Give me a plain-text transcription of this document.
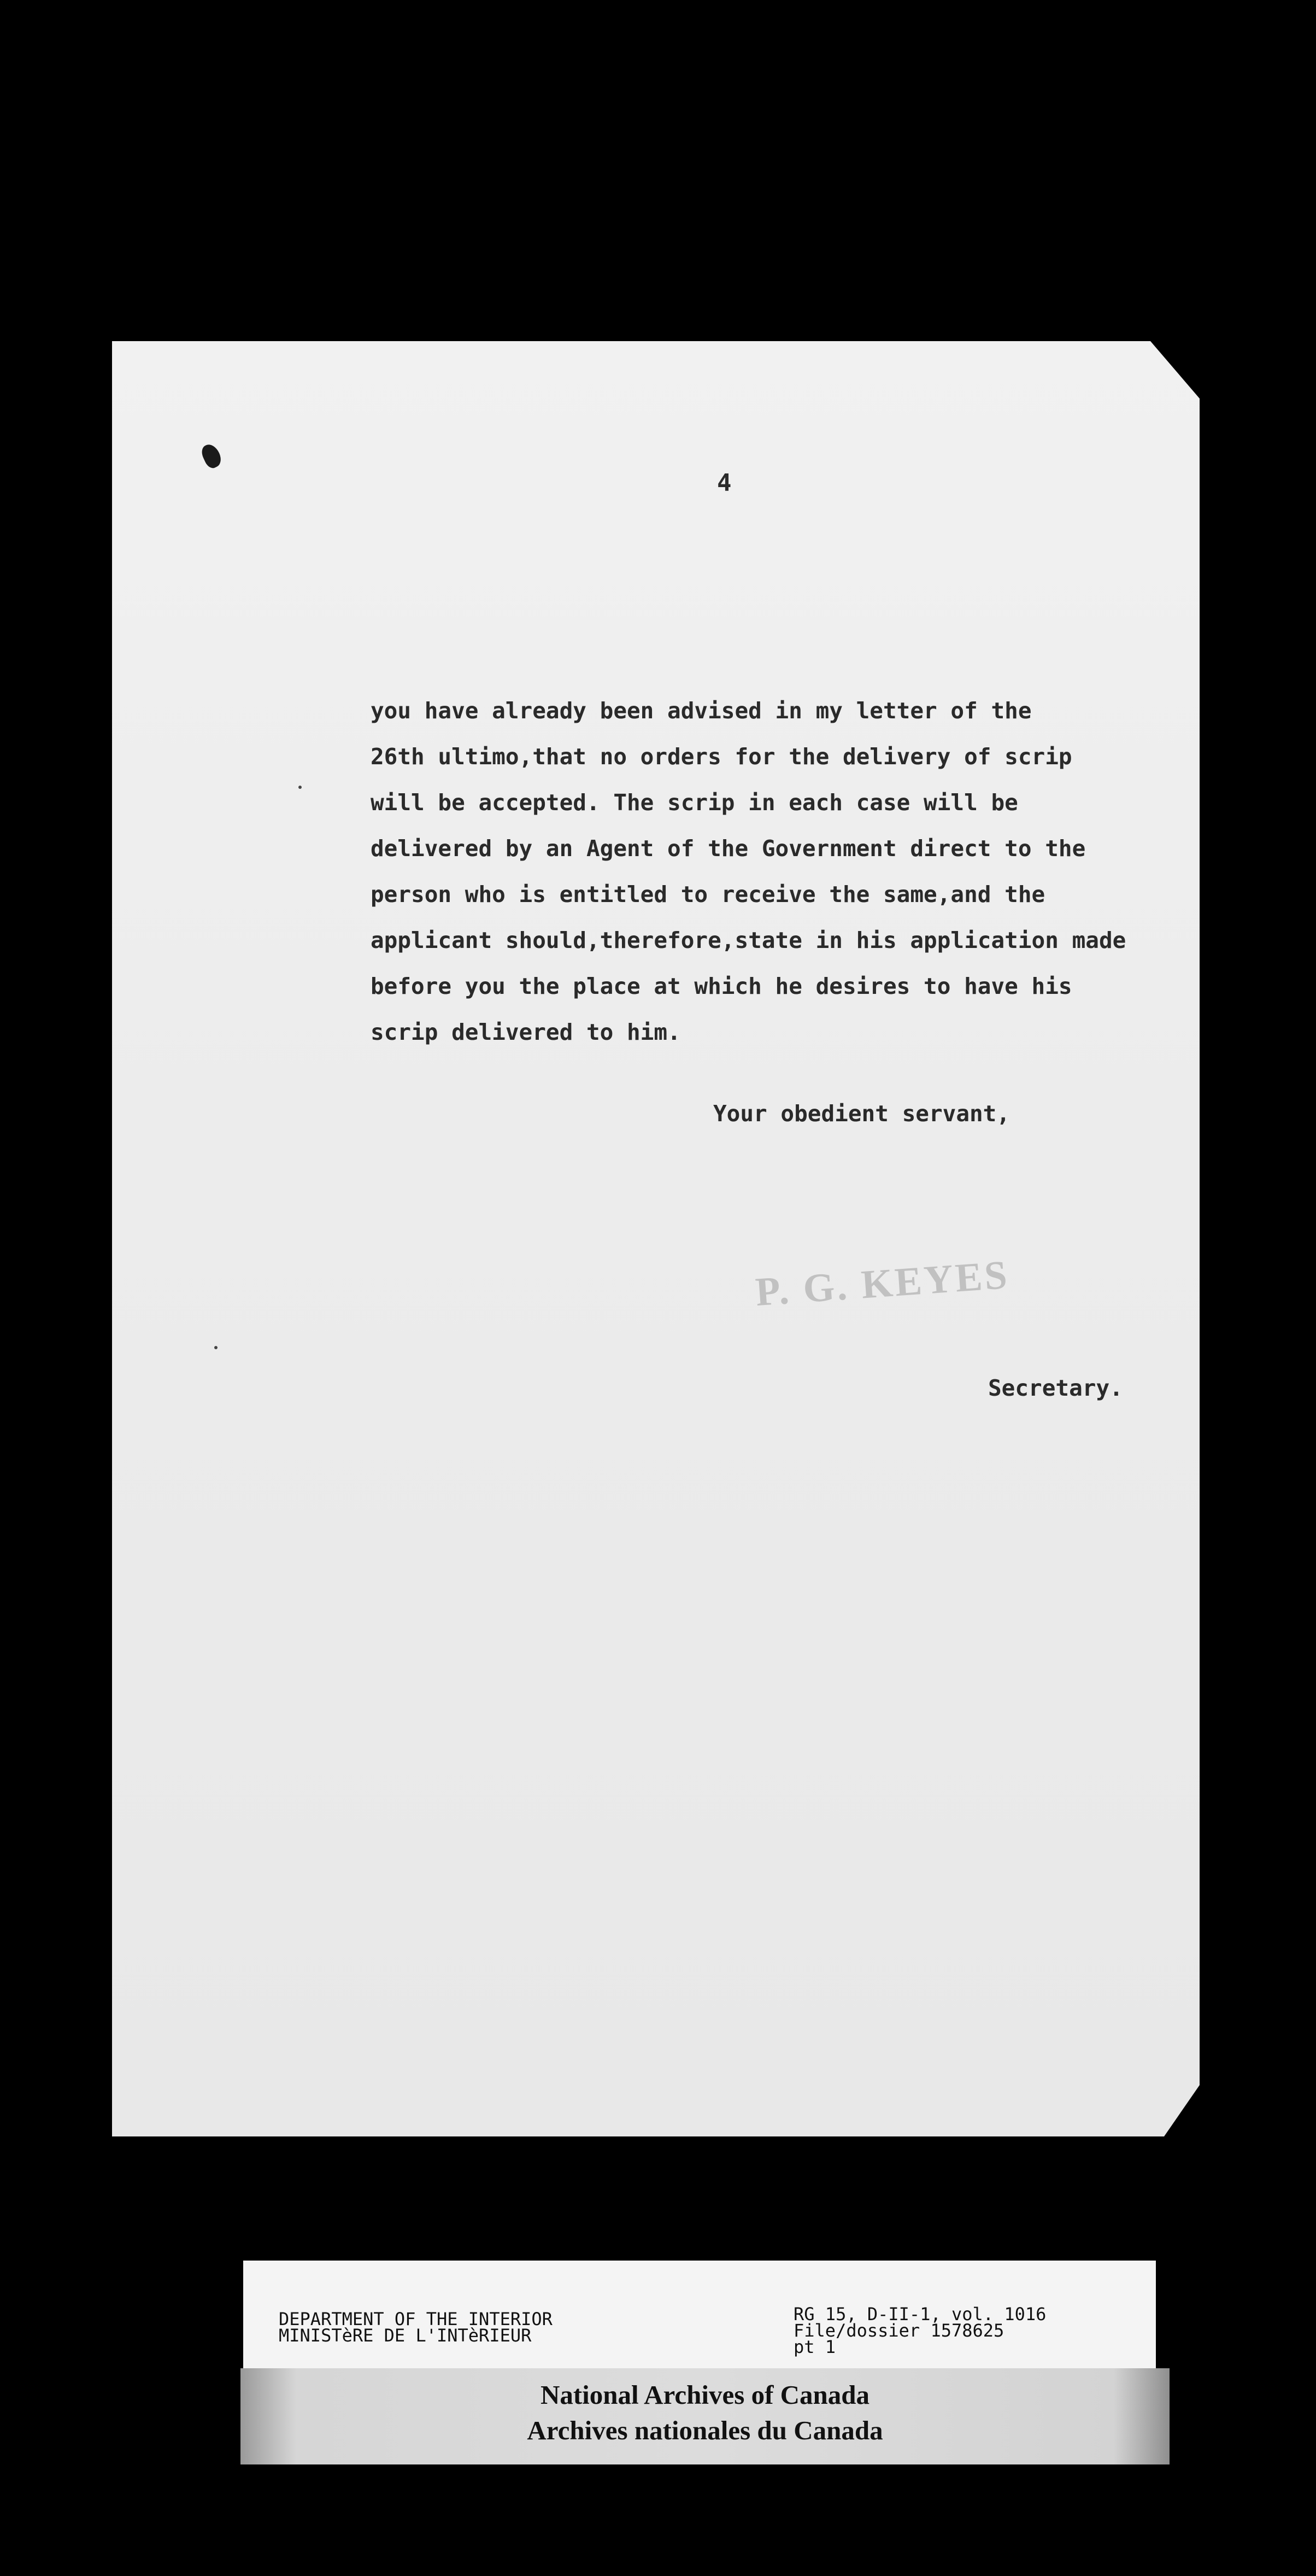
4
you have already been advised in my letter of the
26th ultimo,that no orders for the delivery of scrip
will be accepted. The scrip in each case will be
delivered by an Agent of the Government direct to the
person who is entitled to receive the same,and the
applicant should,therefore,state in his application made
before you the place at which he desires to have his
scrip delivered to him.
Your obedient servant,
P. G. KEYES
Secretary.
DEPARTMENT OF THE INTERIOR
MINISTèRE DE L'INTèRIEUR
RG 15, D-II-1, vol. 1016
File/dossier 1578625
pt 1
National Archives of Canada
Archives nationales du Canada
